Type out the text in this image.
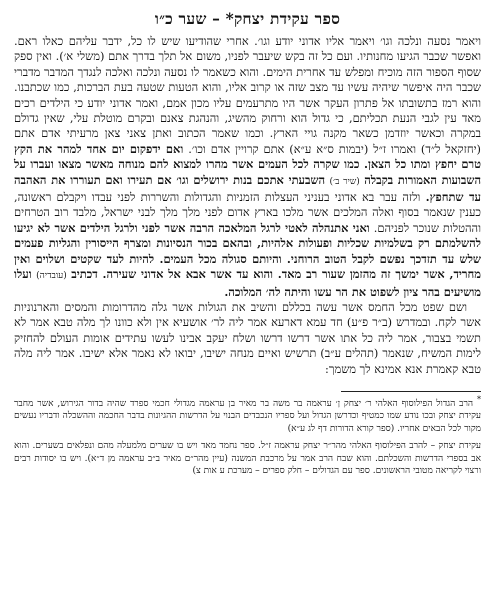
ספר עקידת יצחק* – שער כ״ו

ויאמר נסעה ונלכה וגו׳ ויאמר אליו אדוני יודע וגו׳. אחרי שהודיעו שיש לו כל, ידבר עליהם כאלו ראם. ואפשר שכבר הגיעו מחנותיו. ועם כל זה בקש שיעבר לפניו, משום אל תלך בדרך אתם (משלי א׳). ואין ספק שסוף הספור הזה מוכיח ומפלש עד אחרית הימים. והוא כשאמר לו נסעה ונלכה ואלכה לנגדך המדבר מדברי שכבר היה איפשר שיהיה עשיו עד מצב שזה או קרוב אליו, והוא הטעות שטעה בעת הברכות, כמו שכתבנו. והוא רמז בתשובתו אל פתרון העקר אשר היו מתרעמים עליו מכון אמם, ואמר אדוני יודע כי הילדים רכים מאד עין לגבי הנעת תכליתם, כי גדול הוא ורחוק מהשיג, והנהגת צאנם ובקרם מוטלת עלי, שאין גדולם במקרה וכאשר יוזדמן כשאר מקנה גויי הארץ. וכמו שאמר הכתוב ואתן צאני צאן מרעיתי אדם אתם (יחזקאל ל״ד) ואמרו ז״ל (יבמות ס״א ע״א) אתם קרויין אדם וכו׳. ואם ידפקום יום אחד למהר את הקץ טרם יחפץ ומתו כל הצאן. כמו שקרה לכל העמים אשר מהרו למצוא להם מנוחה מאשר מצאו ועברו על השבועות האמורות בקבלה (שיר ב׳) השבעתי אתכם בנות ירושלים וגו׳ אם תעירו ואם תעוררו את האהבה עד שתחפץ. ולזה עבר בא אדוני בעניני העצלות הזמניות והגדולות והשררות לפני עבדו ויקבלם ראשונה, כענין שנאמר בסוף ואלה המלכים אשר מלכו בארץ אדום לפני מלך מלך לבני ישראל, מלבד רוב הטרחים וההטלות שנוכר לפניהם. ואני אתנהלה לאטי לרגל המלאכה הרבה אשר לפני ולרגל הילדים אשר לא יגיעו להשלמתם רק בשלמיות שכליות ופעולות אלהיות, ובהאם בכור הנסיונות ומצרף הייסורין והגליות פעמים שלש עד תזדכך נפשם לקבל הטוב הרוחני. והיותם סגולה מכל העמים. להיות לעד שקטים ושלוים ואין מחריד, אשר ימשך זה מהזמן שעור רב מאד. והוא עד אשר אבא אל אדוני שעירה. דכתיב (עובדיה) ועלו מושיעים בהר ציון לשפוט את הר עשו והיתה לה׳ המלוכה.

ושם שפט מכל החמס אשר עשה בכללם והשיב את הגולות אשר גלה מהדרומות והמסים והארנוניות אשר לקח. ובמדרש (ב״ר פ״ע) חד עמא דארעא אמר ליה לר׳ אושעיא אין ולא כוונו לך מלה טבא אמר לא תשמי בצבור, אמר ליה כל אתו אשר דרשו דרשו ושלח יעקב אבינו לעשו עתידים אומות העולם להחזיק לימות המשיח, שנאמר (תהלים ע״ב) תרשיש ואיים מנחה ישיבו, יבואו לא נאמר אלא ישיבו. אמר ליה מלה טבא קאמרת אנא אמינא לך משמך:

* הרב הגדול הפילוסוף האלהי ר׳ יצחק ן׳ עראמה בר משה בר מאיר בן עראמה מגדולי חכמי ספרד שהיה בדור הגירוש, אשר מחבר עקידת יצחק ובכו נודע שמו כמטיף וכדרשן הגדול ועל ספריו הנכבדים הבנוי על הדרשות ההגיונות בדבר החכמה וההשכלה ודבריו נעשים מקור לכל הבאים אחריו. (ספר קורא הדורות דף לג ע״א)

עקידת יצחק – להרב הפילוסוף האלהי מהר״ר יצחק עראמה ז״ל. ספר נחמד מאד ויש בו שערים מלמעלה מהם ונפלאים בשערים. והוא אב בספרי הדרשות והשכלתם. והוא שבח הרב אמר על מרכבת המשנה (עיין מהר״ם מאיר ב״ב עראמה מן ד״א). ויש בו יסודות רבים ורצוי לקריאה מטובי הראשונים. ספר עם הגדולים – חלק ספרים – מערכת ע אות צ)
